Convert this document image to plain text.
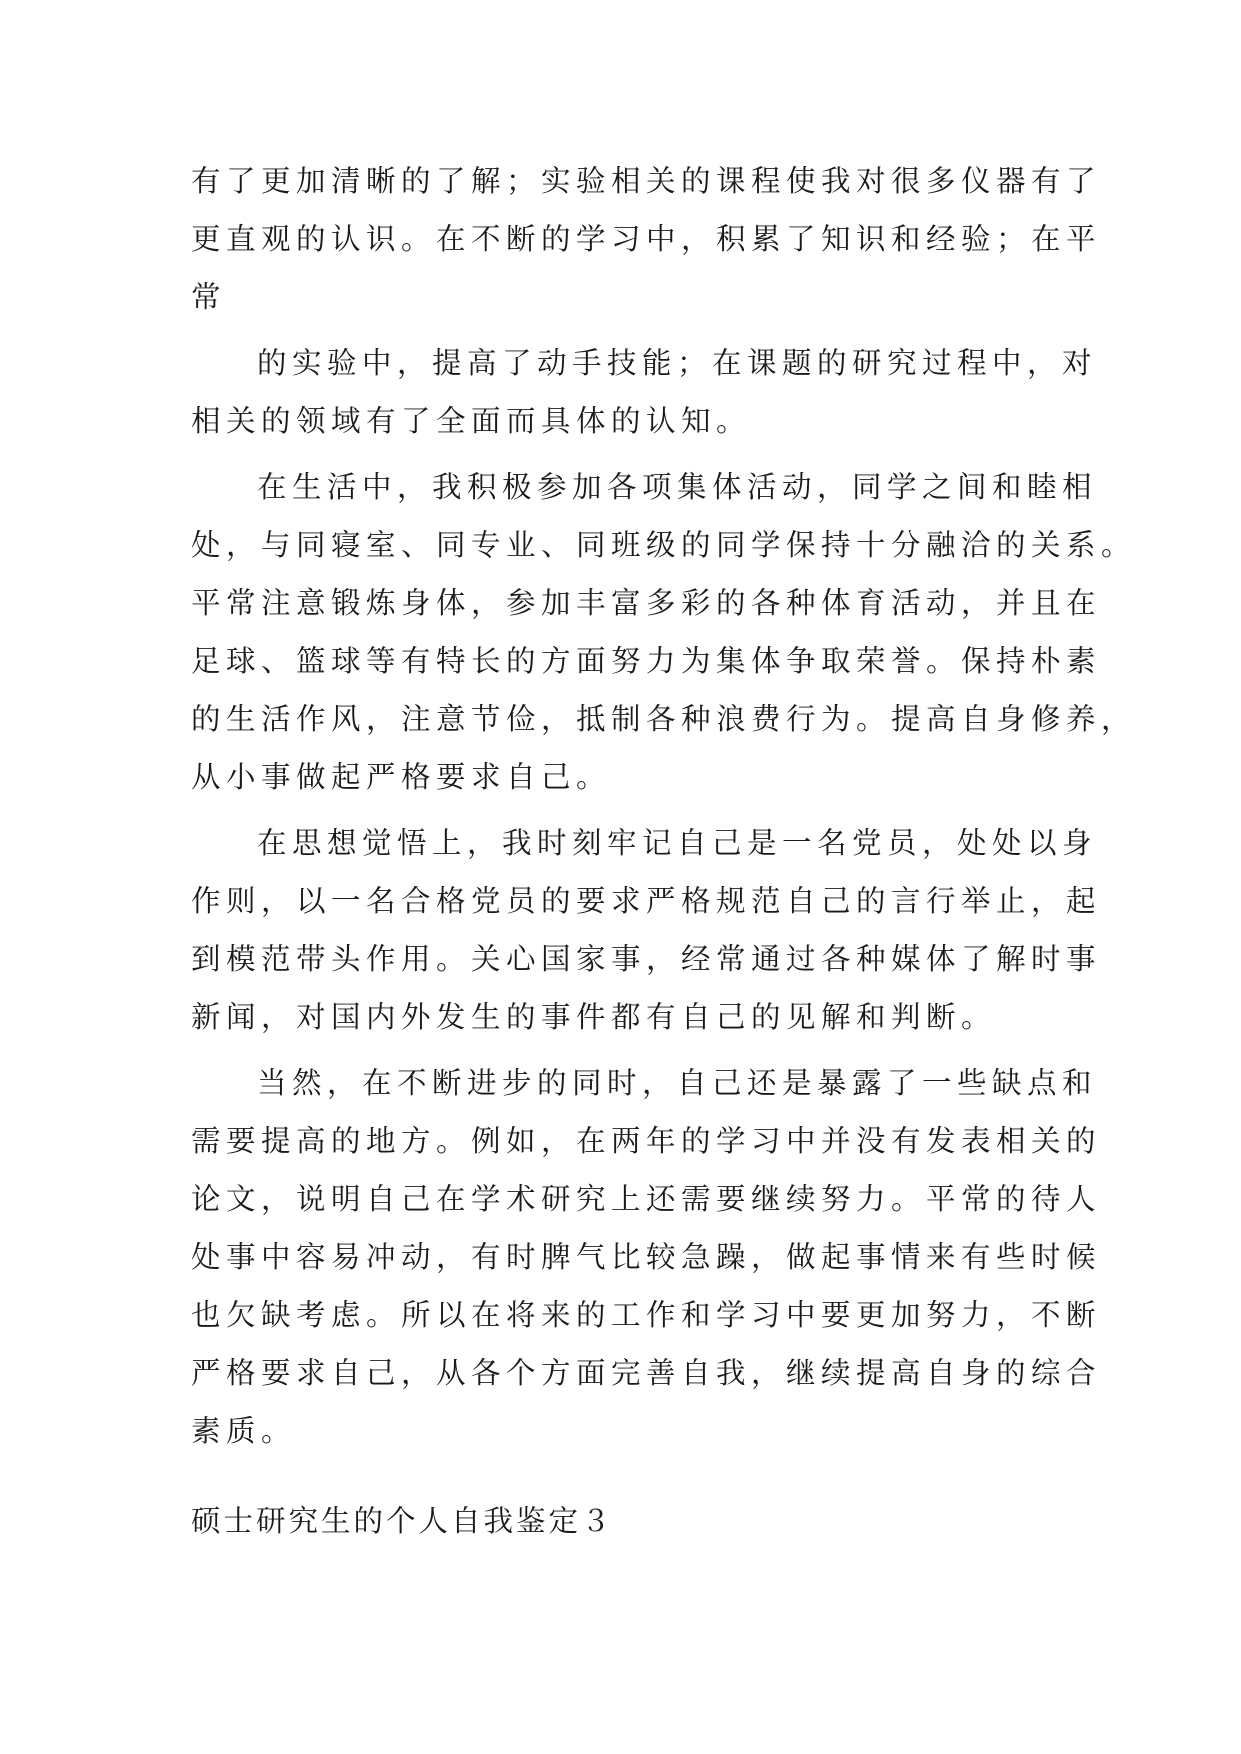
有了更加清晰的了解；实验相关的课程使我对很多仪器有了
更直观的认识。在不断的学习中，积累了知识和经验；在平
常
的实验中，提高了动手技能；在课题的研究过程中，对
相关的领域有了全面而具体的认知。
在生活中，我积极参加各项集体活动，同学之间和睦相
处，与同寝室、同专业、同班级的同学保持十分融洽的关系。
平常注意锻炼身体，参加丰富多彩的各种体育活动，并且在
足球、篮球等有特长的方面努力为集体争取荣誉。保持朴素
的生活作风，注意节俭，抵制各种浪费行为。提高自身修养，
从小事做起严格要求自己。
在思想觉悟上，我时刻牢记自己是一名党员，处处以身
作则，以一名合格党员的要求严格规范自己的言行举止，起
到模范带头作用。关心国家事，经常通过各种媒体了解时事
新闻，对国内外发生的事件都有自己的见解和判断。
当然，在不断进步的同时，自己还是暴露了一些缺点和
需要提高的地方。例如，在两年的学习中并没有发表相关的
论文，说明自己在学术研究上还需要继续努力。平常的待人
处事中容易冲动，有时脾气比较急躁，做起事情来有些时候
也欠缺考虑。所以在将来的工作和学习中要更加努力，不断
严格要求自己，从各个方面完善自我，继续提高自身的综合
素质。
硕士研究生的个人自我鉴定３
